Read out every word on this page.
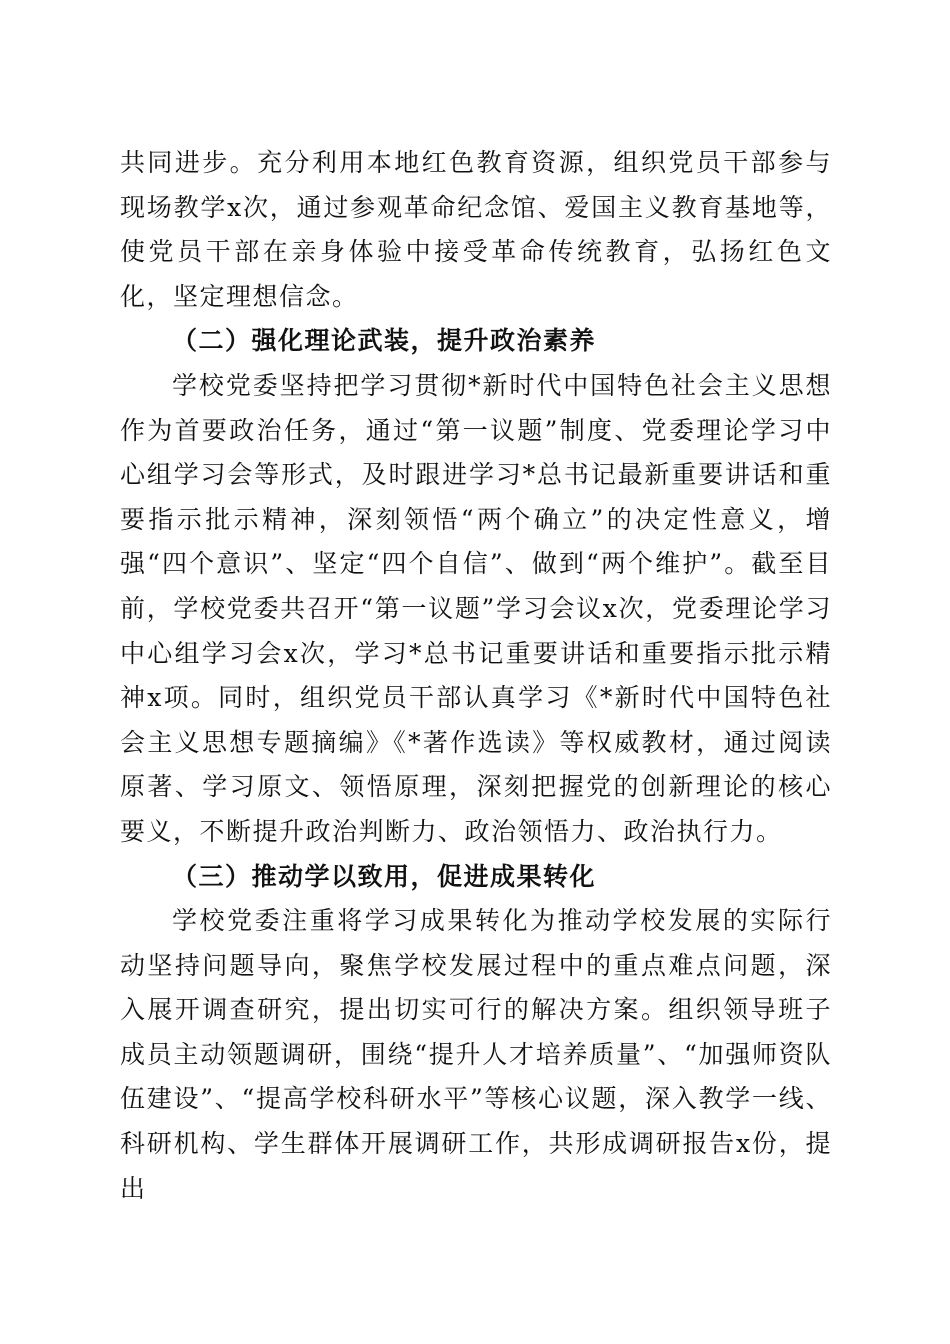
共同进步。充分利用本地红色教育资源，组织党员干部参与现场教学x次，通过参观革命纪念馆、爱国主义教育基地等，使党员干部在亲身体验中接受革命传统教育，弘扬红色文化，坚定理想信念。

（二）强化理论武装，提升政治素养

学校党委坚持把学习贯彻*新时代中国特色社会主义思想作为首要政治任务，通过“第一议题”制度、党委理论学习中心组学习会等形式，及时跟进学习*总书记最新重要讲话和重要指示批示精神，深刻领悟“两个确立”的决定性意义，增强“四个意识”、坚定“四个自信”、做到“两个维护”。截至目前，学校党委共召开“第一议题”学习会议x次，党委理论学习中心组学习会x次，学习*总书记重要讲话和重要指示批示精神x项。同时，组织党员干部认真学习《*新时代中国特色社会主义思想专题摘编》《*著作选读》等权威教材，通过阅读原著、学习原文、领悟原理，深刻把握党的创新理论的核心要义，不断提升政治判断力、政治领悟力、政治执行力。

（三）推动学以致用，促进成果转化

学校党委注重将学习成果转化为推动学校发展的实际行动坚持问题导向，聚焦学校发展过程中的重点难点问题，深入展开调查研究，提出切实可行的解决方案。组织领导班子成员主动领题调研，围绕“提升人才培养质量”、“加强师资队伍建设”、“提高学校科研水平”等核心议题，深入教学一线、科研机构、学生群体开展调研工作，共形成调研报告x份，提出
